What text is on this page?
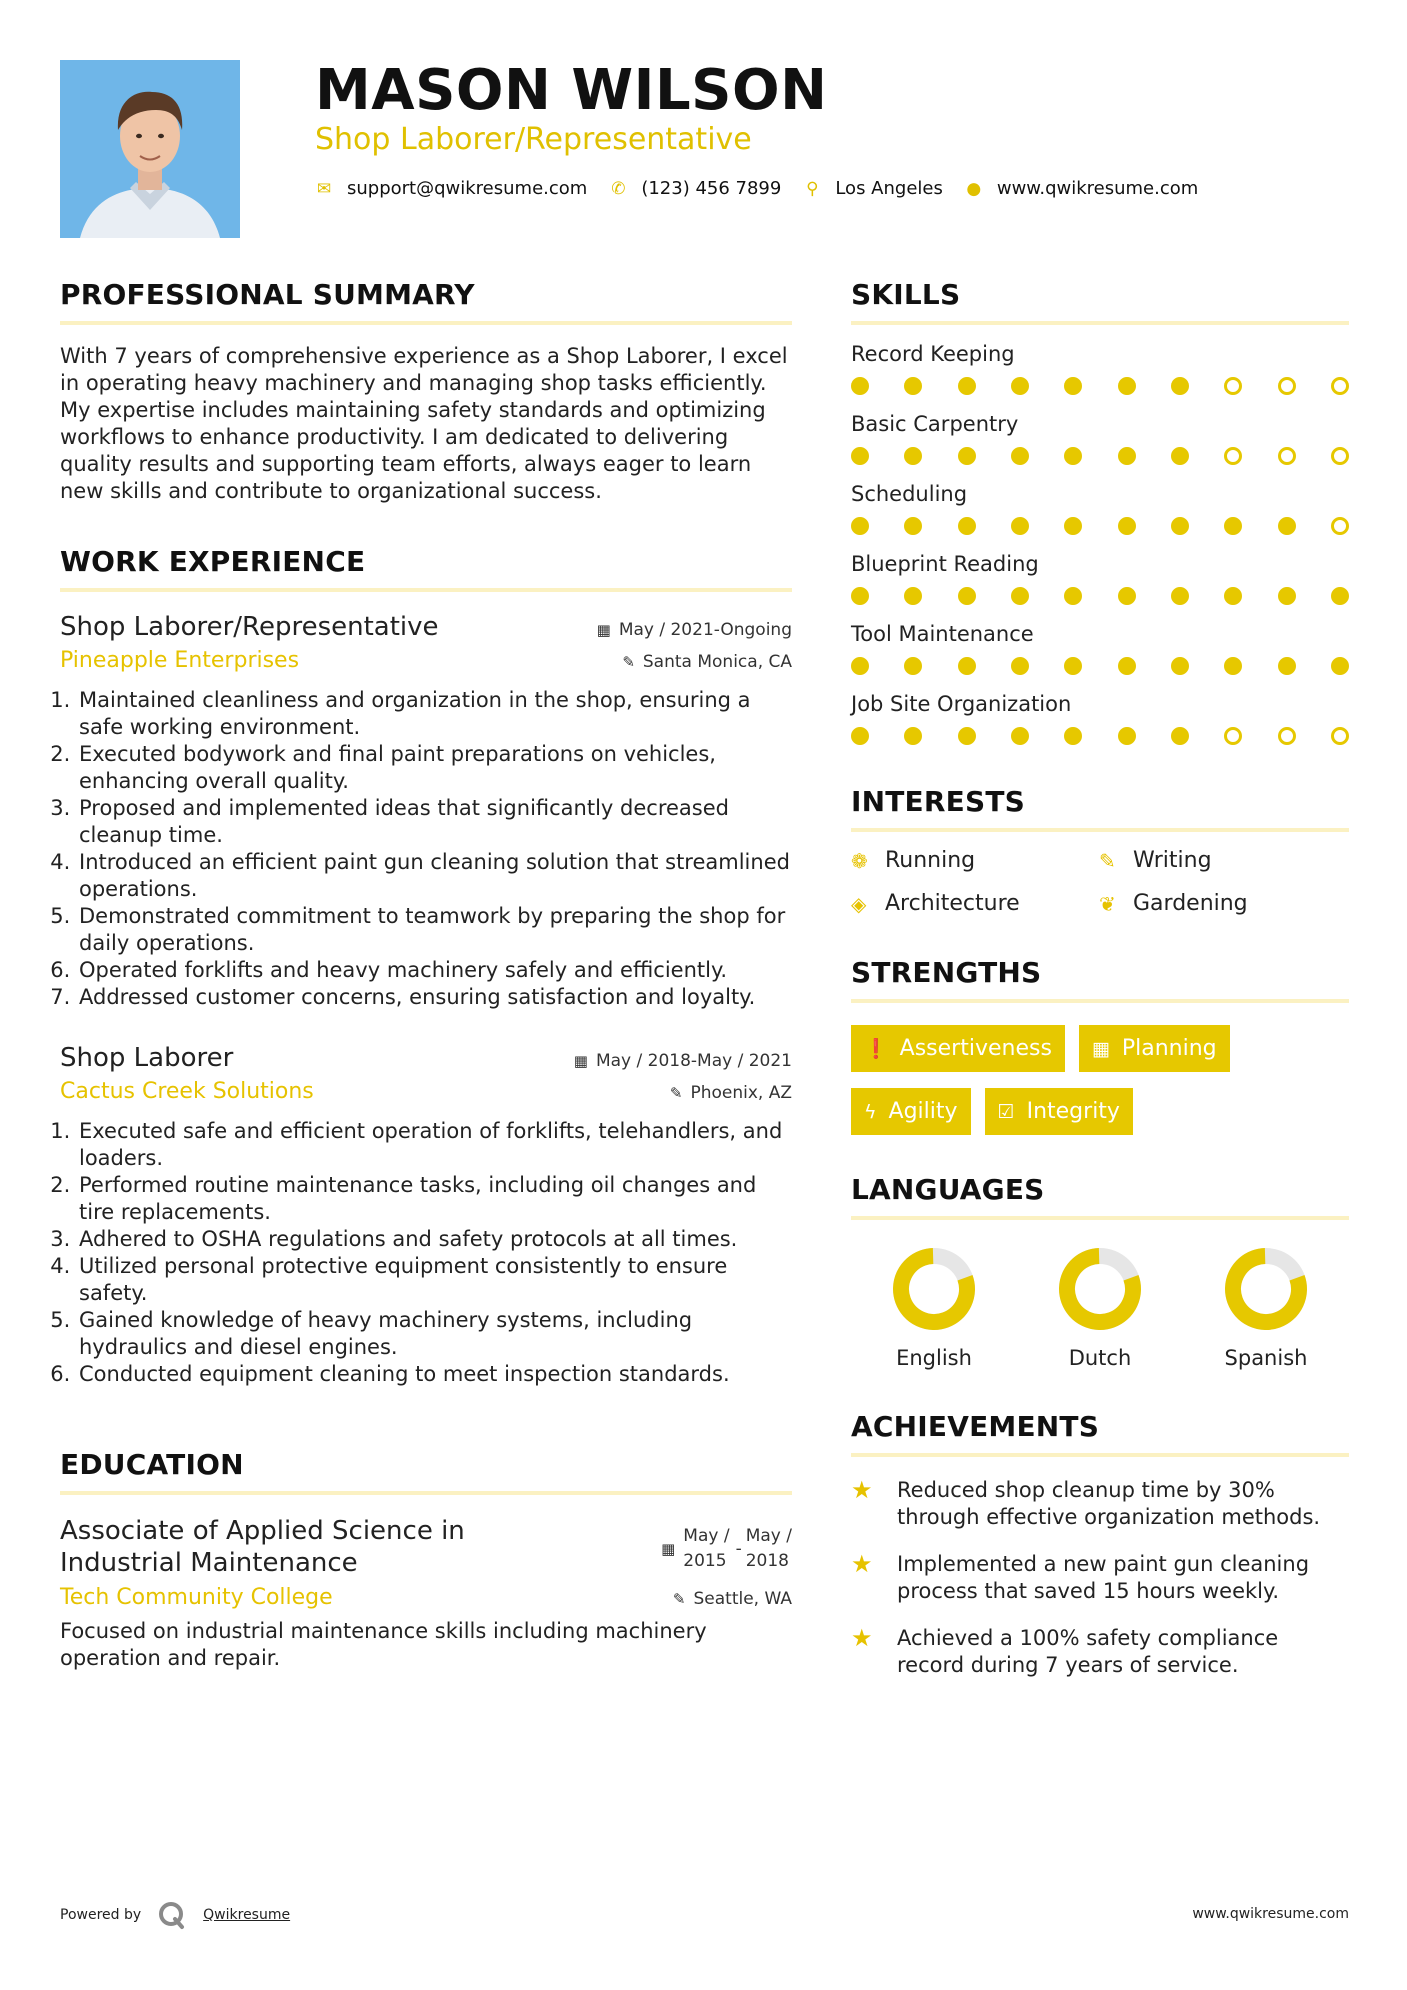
MASON WILSON
Shop Laborer/Representative
✉ support@qwikresume.com ✆ (123) 456 7899 ⚲ Los Angeles ● www.qwikresume.com
PROFESSIONAL SUMMARY

With 7 years of comprehensive experience as a Shop Laborer, I excel in operating heavy machinery and managing shop tasks efficiently. My expertise includes maintaining safety standards and optimizing workflows to enhance productivity. I am dedicated to delivering quality results and supporting team efforts, always eager to learn new skills and contribute to organizational success.

WORK EXPERIENCE
Shop Laborer/Representative	▦ May / 2021-Ongoing
Pineapple Enterprises	✎ Santa Monica, CA
1. Maintained cleanliness and organization in the shop, ensuring a safe working environment.
2. Executed bodywork and final paint preparations on vehicles, enhancing overall quality.
3. Proposed and implemented ideas that significantly decreased cleanup time.
4. Introduced an efficient paint gun cleaning solution that streamlined operations.
5. Demonstrated commitment to teamwork by preparing the shop for daily operations.
6. Operated forklifts and heavy machinery safely and efficiently.
7. Addressed customer concerns, ensuring satisfaction and loyalty.
Shop Laborer	▦ May / 2018-May / 2021
Cactus Creek Solutions	✎ Phoenix, AZ
1. Executed safe and efficient operation of forklifts, telehandlers, and loaders.
2. Performed routine maintenance tasks, including oil changes and tire replacements.
3. Adhered to OSHA regulations and safety protocols at all times.
4. Utilized personal protective equipment consistently to ensure safety.
5. Gained knowledge of heavy machinery systems, including hydraulics and diesel engines.
6. Conducted equipment cleaning to meet inspection standards.
EDUCATION
Associate of Applied Science in
Industrial Maintenance	▦
May /
2015
-
May /
2018
Tech Community College	✎ Seattle, WA

Focused on industrial maintenance skills including machinery operation and repair.

SKILLS
Record Keeping
Basic Carpentry
Scheduling
Blueprint Reading
Tool Maintenance
Job Site Organization
INTERESTS
❁ Running	✎ Writing
◈ Architecture	❦ Gardening
STRENGTHS
❗ Assertiveness ▦ Planning
ϟ Agility ☑ Integrity
LANGUAGES
English	Dutch	Spanish
ACHIEVEMENTS
★	Reduced shop cleanup time by 30% through effective organization methods.
★	Implemented a new paint gun cleaning process that saved 15 hours weekly.
★	Achieved a 100% safety compliance record during 7 years of service.
Powered by	Qwikresume	www.qwikresume.com
